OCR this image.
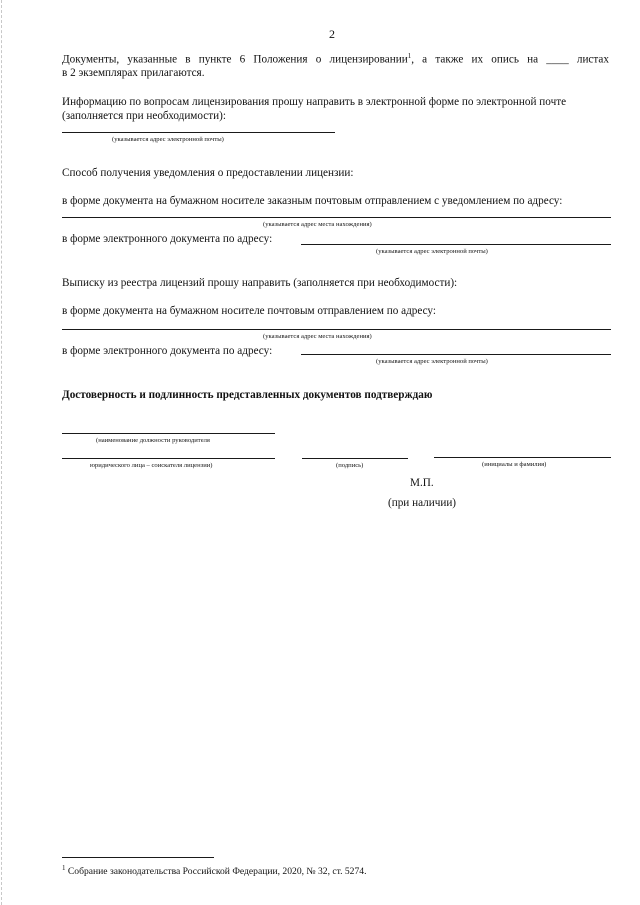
2
Документы, указанные в пункте 6 Положения о лицензировании$^1$, а также их опись на ____ листах
в 2 экземплярах прилагаются.
Информацию по вопросам лицензирования прошу направить в электронной форме по электронной почте
(заполняется при необходимости):
(указывается адрес электронной почты)
Способ получения уведомления о предоставлении лицензии:
в форме документа на бумажном носителе заказным почтовым отправлением с уведомлением по адресу:
(указывается адрес места нахождения)
в форме электронного документа по адресу:
(указывается адрес электронной почты)
Выписку из реестра лицензий прошу направить (заполняется при необходимости):
в форме документа на бумажном носителе почтовым отправлением по адресу:
(указывается адрес места нахождения)
в форме электронного документа по адресу:
(указывается адрес электронной почты)
Достоверность и подлинность представленных документов подтверждаю
(наименование должности руководителя
юридического лица – соискателя лицензии)	(подпись)	(инициалы и фамилия)
М.П.
(при наличии)
$^1$ Собрание законодательства Российской Федерации, 2020, № 32, ст. 5274.
